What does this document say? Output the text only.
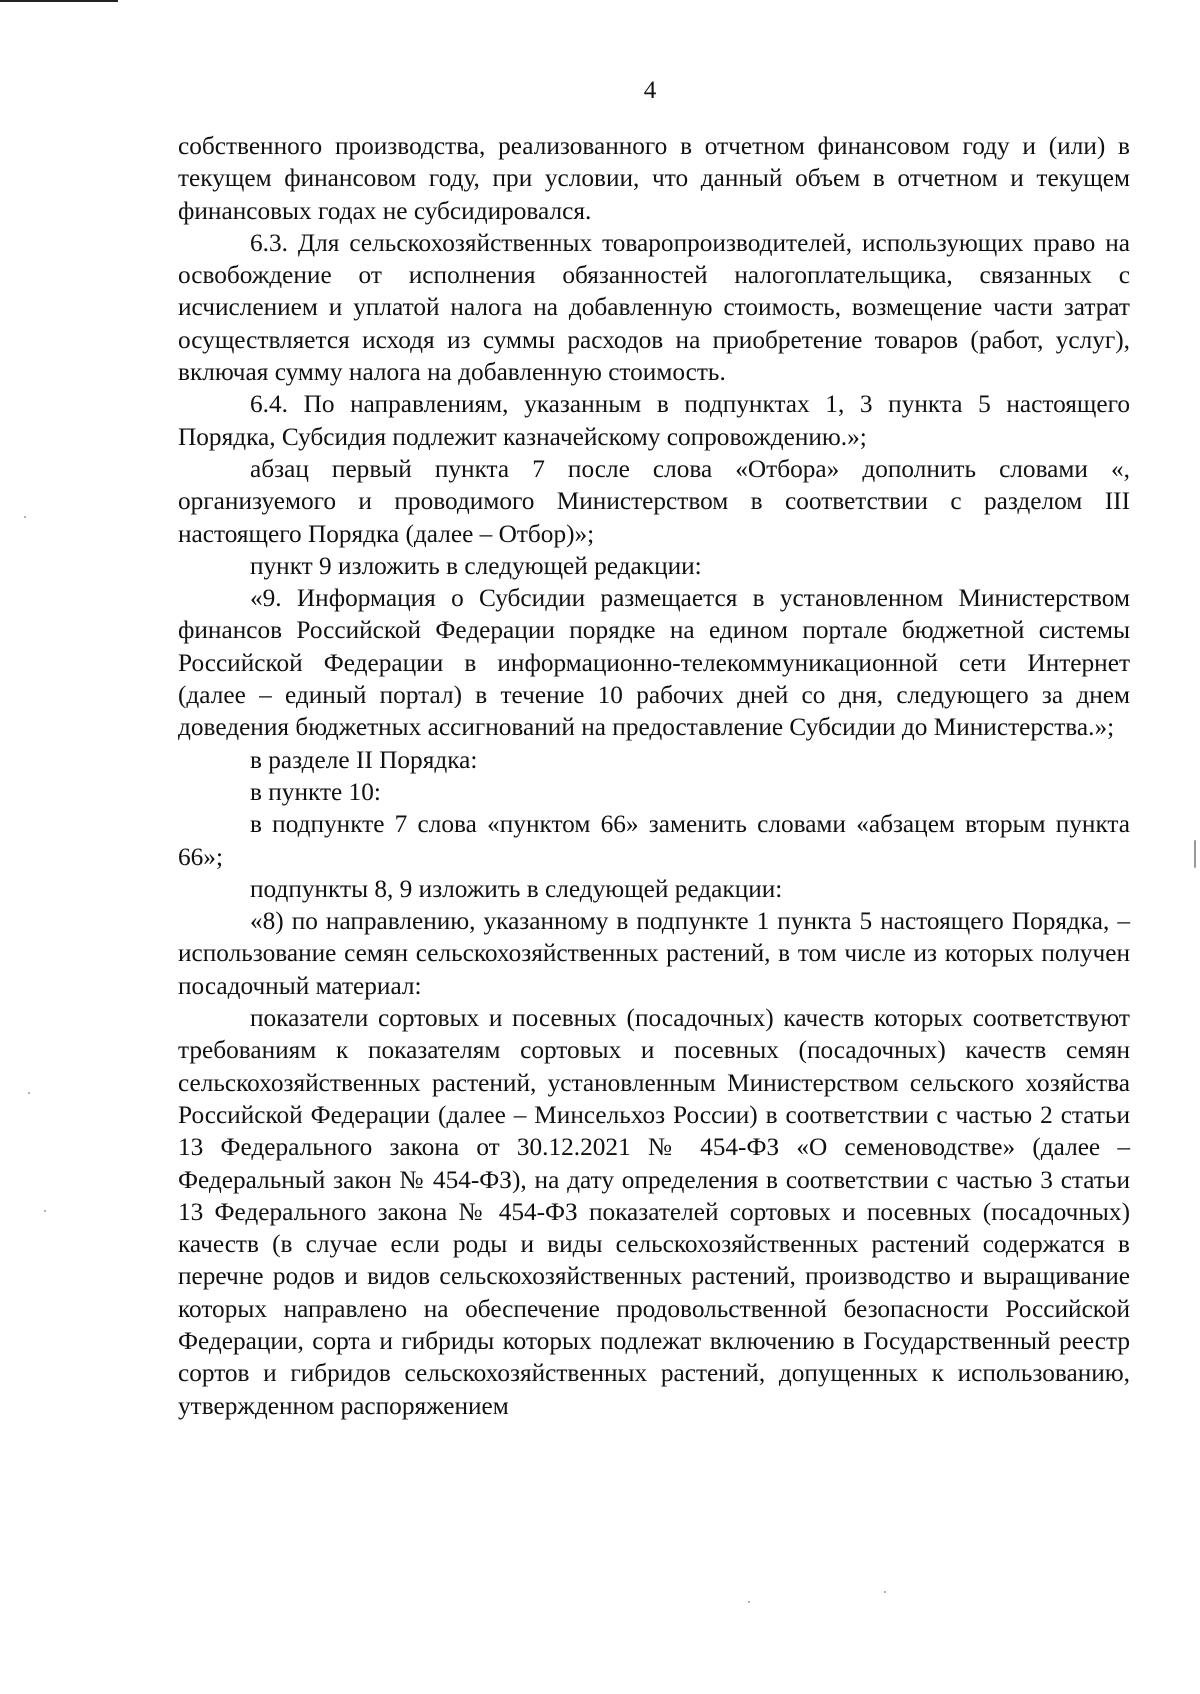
4

собственного производства, реализованного в отчетном финансовом году и (или) в текущем финансовом году, при условии, что данный объем в отчетном и текущем финансовых годах не субсидировался.

6.3. Для сельскохозяйственных товаропроизводителей, использующих право на освобождение от исполнения обязанностей налогоплательщика, связанных с исчислением и уплатой налога на добавленную стоимость, возмещение части затрат осуществляется исходя из суммы расходов на приобретение товаров (работ, услуг), включая сумму налога на добавленную стоимость.

6.4. По направлениям, указанным в подпунктах 1, 3 пункта 5 настоящего Порядка, Субсидия подлежит казначейскому сопровождению.»;

абзац первый пункта 7 после слова «Отбора» дополнить словами «, организуемого и проводимого Министерством в соответствии с разделом III настоящего Порядка (далее – Отбор)»;

пункт 9 изложить в следующей редакции:

«9. Информация о Субсидии размещается в установленном Министерством финансов Российской Федерации порядке на едином портале бюджетной системы Российской Федерации в информационно-телекоммуникационной сети Интернет (далее – единый портал) в течение 10 рабочих дней со дня, следующего за днем доведения бюджетных ассигнований на предоставление Субсидии до Министерства.»;

в разделе II Порядка:

в пункте 10:

в подпункте 7 слова «пунктом 66» заменить словами «абзацем вторым пункта 66»;

подпункты 8, 9 изложить в следующей редакции:

«8) по направлению, указанному в подпункте 1 пункта 5 настоящего Порядка, – использование семян сельскохозяйственных растений, в том числе из которых получен посадочный материал:

показатели сортовых и посевных (посадочных) качеств которых соответствуют требованиям к показателям сортовых и посевных (посадочных) качеств семян сельскохозяйственных растений, установленным Министерством сельского хозяйства Российской Федерации (далее – Минсельхоз России) в соответствии с частью 2 статьи 13 Федерального закона от 30.12.2021 № 454-ФЗ «О семеноводстве» (далее – Федеральный закон № 454-ФЗ), на дату определения в соответствии с частью 3 статьи 13 Федерального закона № 454-ФЗ показателей сортовых и посевных (посадочных) качеств (в случае если роды и виды сельскохозяйственных растений содержатся в перечне родов и видов сельскохозяйственных растений, производство и выращивание которых направлено на обеспечение продовольственной безопасности Российской Федерации, сорта и гибриды которых подлежат включению в Государственный реестр сортов и гибридов сельскохозяйственных растений, допущенных к использованию, утвержденном распоряжением
